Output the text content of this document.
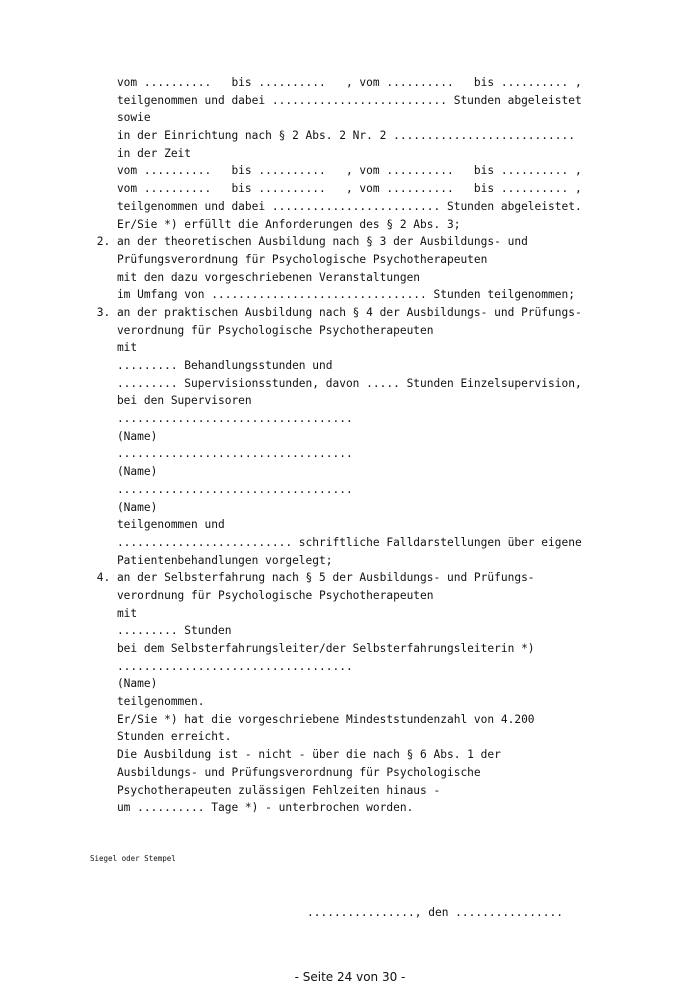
vom ..........   bis ..........   , vom ..........   bis .......... ,
teilgenommen und dabei .......................... Stunden abgeleistet
sowie
in der Einrichtung nach § 2 Abs. 2 Nr. 2 ...........................
in der Zeit
vom ..........   bis ..........   , vom ..........   bis .......... ,
vom ..........   bis ..........   , vom ..........   bis .......... ,
teilgenommen und dabei ......................... Stunden abgeleistet.
Er/Sie *) erfüllt die Anforderungen des § 2 Abs. 3;
2. an der theoretischen Ausbildung nach § 3 der Ausbildungs- und
Prüfungsverordnung für Psychologische Psychotherapeuten
mit den dazu vorgeschriebenen Veranstaltungen
im Umfang von ................................ Stunden teilgenommen;
3. an der praktischen Ausbildung nach § 4 der Ausbildungs- und Prüfungs-
verordnung für Psychologische Psychotherapeuten
mit
......... Behandlungsstunden und
......... Supervisionsstunden, davon ..... Stunden Einzelsupervision,
bei den Supervisoren
...................................
(Name)
...................................
(Name)
...................................
(Name)
teilgenommen und
.......................... schriftliche Falldarstellungen über eigene
Patientenbehandlungen vorgelegt;
4. an der Selbsterfahrung nach § 5 der Ausbildungs- und Prüfungs-
verordnung für Psychologische Psychotherapeuten
mit
......... Stunden
bei dem Selbsterfahrungsleiter/der Selbsterfahrungsleiterin *)
...................................
(Name)
teilgenommen.
Er/Sie *) hat die vorgeschriebene Mindeststundenzahl von 4.200
Stunden erreicht.
Die Ausbildung ist - nicht - über die nach § 6 Abs. 1 der
Ausbildungs- und Prüfungsverordnung für Psychologische
Psychotherapeuten zulässigen Fehlzeiten hinaus -
um .......... Tage *) - unterbrochen worden.
Siegel oder Stempel
................, den ................
- Seite 24 von 30 -
